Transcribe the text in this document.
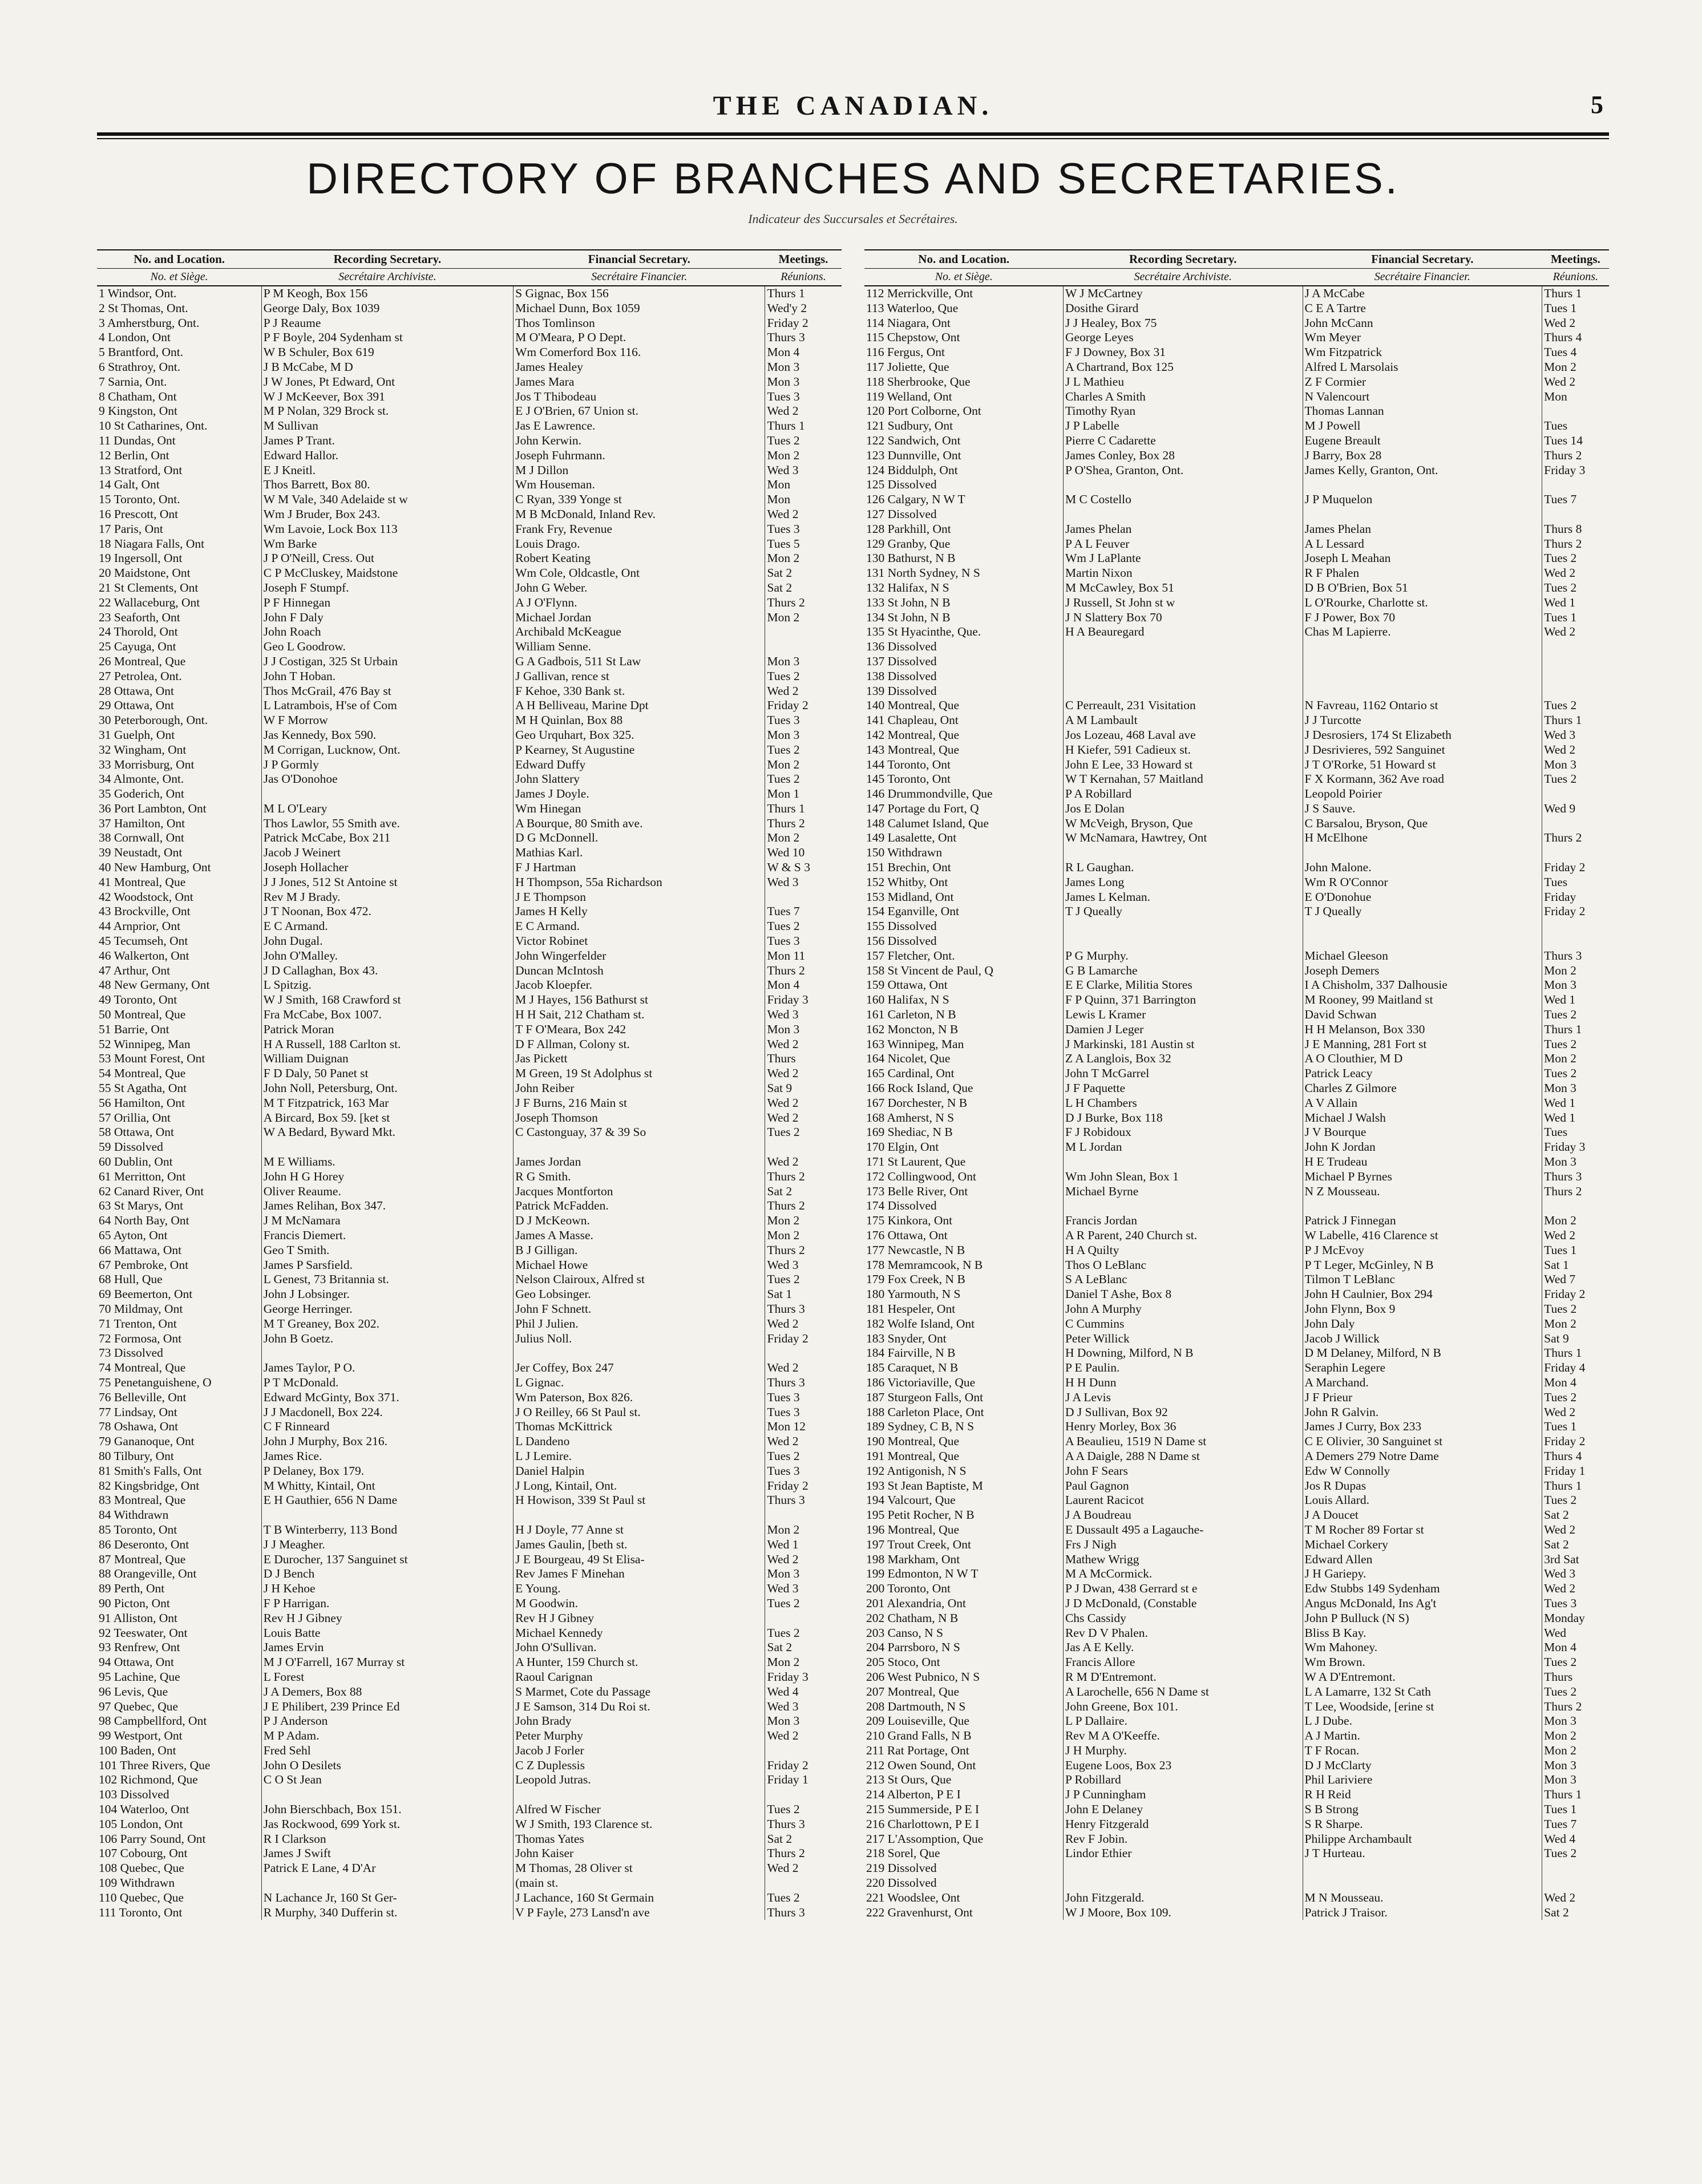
THE CANADIAN.	5
DIRECTORY OF BRANCHES AND SECRETARIES.
Indicateur des Succursales et Secrétaires.
No. and Location.	Recording Secretary.	Financial Secretary.	Meetings.
No. et Siège.	Secrétaire Archiviste.	Secrétaire Financier.	Réunions.
1 Windsor, Ont.	P M Keogh, Box 156	S Gignac, Box 156	Thurs 1
2 St Thomas, Ont.	George Daly, Box 1039	Michael Dunn, Box 1059	Wed'y 2
3 Amherstburg, Ont.	P J Reaume	Thos Tomlinson	Friday 2
4 London, Ont	P F Boyle, 204 Sydenham st	M O'Meara, P O Dept.	Thurs 3
5 Brantford, Ont.	W B Schuler, Box 619	Wm Comerford Box 116.	Mon 4
6 Strathroy, Ont.	J B McCabe, M D	James Healey	Mon 3
7 Sarnia, Ont.	J W Jones, Pt Edward, Ont	James Mara	Mon 3
8 Chatham, Ont	W J McKeever, Box 391	Jos T Thibodeau	Tues 3
9 Kingston, Ont	M P Nolan, 329 Brock st.	E J O'Brien, 67 Union st.	Wed 2
10 St Catharines, Ont.	M Sullivan	Jas E Lawrence.	Thurs 1
11 Dundas, Ont	James P Trant.	John Kerwin.	Tues 2
12 Berlin, Ont	Edward Hallor.	Joseph Fuhrmann.	Mon 2
13 Stratford, Ont	E J Kneitl.	M J Dillon	Wed 3
14 Galt, Ont	Thos Barrett, Box 80.	Wm Houseman.	Mon
15 Toronto, Ont.	W M Vale, 340 Adelaide st w	C Ryan, 339 Yonge st	Mon
16 Prescott, Ont	Wm J Bruder, Box 243.	M B McDonald, Inland Rev.	Wed 2
17 Paris, Ont	Wm Lavoie, Lock Box 113	Frank Fry, Revenue	Tues 3
18 Niagara Falls, Ont	Wm Barke	Louis Drago.	Tues 5
19 Ingersoll, Ont	J P O'Neill, Cress. Out	Robert Keating	Mon 2
20 Maidstone, Ont	C P McCluskey, Maidstone	Wm Cole, Oldcastle, Ont	Sat 2
21 St Clements, Ont	Joseph F Stumpf.	John G Weber.	Sat 2
22 Wallaceburg, Ont	P F Hinnegan	A J O'Flynn.	Thurs 2
23 Seaforth, Ont	John F Daly	Michael Jordan	Mon 2
24 Thorold, Ont	John Roach	Archibald McKeague	
25 Cayuga, Ont	Geo L Goodrow.	William Senne.	
26 Montreal, Que	J J Costigan, 325 St Urbain	G A Gadbois, 511 St Law	Mon 3
27 Petrolea, Ont.	John T Hoban.	J Gallivan, rence st	Tues 2
28 Ottawa, Ont	Thos McGrail, 476 Bay st	F Kehoe, 330 Bank st.	Wed 2
29 Ottawa, Ont	L Latrambois, H'se of Com	A H Belliveau, Marine Dpt	Friday 2
30 Peterborough, Ont.	W F Morrow	M H Quinlan, Box 88	Tues 3
31 Guelph, Ont	Jas Kennedy, Box 590.	Geo Urquhart, Box 325.	Mon 3
32 Wingham, Ont	M Corrigan, Lucknow, Ont.	P Kearney, St Augustine	Tues 2
33 Morrisburg, Ont	J P Gormly	Edward Duffy	Mon 2
34 Almonte, Ont.	Jas O'Donohoe	John Slattery	Tues 2
35 Goderich, Ont		James J Doyle.	Mon 1
36 Port Lambton, Ont	M L O'Leary	Wm Hinegan	Thurs 1
37 Hamilton, Ont	Thos Lawlor, 55 Smith ave.	A Bourque, 80 Smith ave.	Thurs 2
38 Cornwall, Ont	Patrick McCabe, Box 211	D G McDonnell.	Mon 2
39 Neustadt, Ont	Jacob J Weinert	Mathias Karl.	Wed 10
40 New Hamburg, Ont	Joseph Hollacher	F J Hartman	W & S 3
41 Montreal, Que	J J Jones, 512 St Antoine st	H Thompson, 55a Richardson	Wed 3
42 Woodstock, Ont	Rev M J Brady.	J E Thompson	
43 Brockville, Ont	J T Noonan, Box 472.	James H Kelly	Tues 7
44 Arnprior, Ont	E C Armand.	E C Armand.	Tues 2
45 Tecumseh, Ont	John Dugal.	Victor Robinet	Tues 3
46 Walkerton, Ont	John O'Malley.	John Wingerfelder	Mon 11
47 Arthur, Ont	J D Callaghan, Box 43.	Duncan McIntosh	Thurs 2
48 New Germany, Ont	L Spitzig.	Jacob Kloepfer.	Mon 4
49 Toronto, Ont	W J Smith, 168 Crawford st	M J Hayes, 156 Bathurst st	Friday 3
50 Montreal, Que	Fra McCabe, Box 1007.	H H Sait, 212 Chatham st.	Wed 3
51 Barrie, Ont	Patrick Moran	T F O'Meara, Box 242	Mon 3
52 Winnipeg, Man	H A Russell, 188 Carlton st.	D F Allman, Colony st.	Wed 2
53 Mount Forest, Ont	William Duignan	Jas Pickett	Thurs
54 Montreal, Que	F D Daly, 50 Panet st	M Green, 19 St Adolphus st	Wed 2
55 St Agatha, Ont	John Noll, Petersburg, Ont.	John Reiber	Sat 9
56 Hamilton, Ont	M T Fitzpatrick, 163 Mar	J F Burns, 216 Main st	Wed 2
57 Orillia, Ont	A Bircard, Box 59. [ket st	Joseph Thomson	Wed 2
58 Ottawa, Ont	W A Bedard, Byward Mkt.	C Castonguay, 37 & 39 So	Tues 2
59 Dissolved			
60 Dublin, Ont	M E Williams.	James Jordan	Wed 2
61 Merritton, Ont	John H G Horey	R G Smith.	Thurs 2
62 Canard River, Ont	Oliver Reaume.	Jacques Montforton	Sat 2
63 St Marys, Ont	James Relihan, Box 347.	Patrick McFadden.	Thurs 2
64 North Bay, Ont	J M McNamara	D J McKeown.	Mon 2
65 Ayton, Ont	Francis Diemert.	James A Masse.	Mon 2
66 Mattawa, Ont	Geo T Smith.	B J Gilligan.	Thurs 2
67 Pembroke, Ont	James P Sarsfield.	Michael Howe	Wed 3
68 Hull, Que	L Genest, 73 Britannia st.	Nelson Clairoux, Alfred st	Tues 2
69 Beemerton, Ont	John J Lobsinger.	Geo Lobsinger.	Sat 1
70 Mildmay, Ont	George Herringer.	John F Schnett.	Thurs 3
71 Trenton, Ont	M T Greaney, Box 202.	Phil J Julien.	Wed 2
72 Formosa, Ont	John B Goetz.	Julius Noll.	Friday 2
73 Dissolved			
74 Montreal, Que	James Taylor, P O.	Jer Coffey, Box 247	Wed 2
75 Penetanguishene, O	P T McDonald.	L Gignac.	Thurs 3
76 Belleville, Ont	Edward McGinty, Box 371.	Wm Paterson, Box 826.	Tues 3
77 Lindsay, Ont	J J Macdonell, Box 224.	J O Reilley, 66 St Paul st.	Tues 3
78 Oshawa, Ont	C F Rinneard	Thomas McKittrick	Mon 12
79 Gananoque, Ont	John J Murphy, Box 216.	L Dandeno	Wed 2
80 Tilbury, Ont	James Rice.	L J Lemire.	Tues 2
81 Smith's Falls, Ont	P Delaney, Box 179.	Daniel Halpin	Tues 3
82 Kingsbridge, Ont	M Whitty, Kintail, Ont	J Long, Kintail, Ont.	Friday 2
83 Montreal, Que	E H Gauthier, 656 N Dame	H Howison, 339 St Paul st	Thurs 3
84 Withdrawn			
85 Toronto, Ont	T B Winterberry, 113 Bond	H J Doyle, 77 Anne st	Mon 2
86 Deseronto, Ont	J J Meagher.	James Gaulin, [beth st.	Wed 1
87 Montreal, Que	E Durocher, 137 Sanguinet st	J E Bourgeau, 49 St Elisa-	Wed 2
88 Orangeville, Ont	D J Bench	Rev James F Minehan	Mon 3
89 Perth, Ont	J H Kehoe	E Young.	Wed 3
90 Picton, Ont	F P Harrigan.	M Goodwin.	Tues 2
91 Alliston, Ont	Rev H J Gibney	Rev H J Gibney	
92 Teeswater, Ont	Louis Batte	Michael Kennedy	Tues 2
93 Renfrew, Ont	James Ervin	John O'Sullivan.	Sat 2
94 Ottawa, Ont	M J O'Farrell, 167 Murray st	A Hunter, 159 Church st.	Mon 2
95 Lachine, Que	L Forest	Raoul Carignan	Friday 3
96 Levis, Que	J A Demers, Box 88	S Marmet, Cote du Passage	Wed 4
97 Quebec, Que	J E Philibert, 239 Prince Ed	J E Samson, 314 Du Roi st.	Wed 3
98 Campbellford, Ont	P J Anderson	John Brady	Mon 3
99 Westport, Ont	M P Adam.	Peter Murphy	Wed 2
100 Baden, Ont	Fred Sehl	Jacob J Forler	
101 Three Rivers, Que	John O Desilets	C Z Duplessis	Friday 2
102 Richmond, Que	C O St Jean	Leopold Jutras.	Friday 1
103 Dissolved			
104 Waterloo, Ont	John Bierschbach, Box 151.	Alfred W Fischer	Tues 2
105 London, Ont	Jas Rockwood, 699 York st.	W J Smith, 193 Clarence st.	Thurs 3
106 Parry Sound, Ont	R I Clarkson	Thomas Yates	Sat 2
107 Cobourg, Ont	James J Swift	John Kaiser	Thurs 2
108 Quebec, Que	Patrick E Lane, 4 D'Ar	M Thomas, 28 Oliver st	Wed 2
109 Withdrawn		(main st.	
110 Quebec, Que	N Lachance Jr, 160 St Ger-	J Lachance, 160 St Germain	Tues 2
111 Toronto, Ont	R Murphy, 340 Dufferin st.	V P Fayle, 273 Lansd'n ave	Thurs 3
No. and Location.	Recording Secretary.	Financial Secretary.	Meetings.
No. et Siège.	Secrétaire Archiviste.	Secrétaire Financier.	Réunions.
112 Merrickville, Ont	W J McCartney	J A McCabe	Thurs 1
113 Waterloo, Que	Dosithe Girard	C E A Tartre	Tues 1
114 Niagara, Ont	J J Healey, Box 75	John McCann	Wed 2
115 Chepstow, Ont	George Leyes	Wm Meyer	Thurs 4
116 Fergus, Ont	F J Downey, Box 31	Wm Fitzpatrick	Tues 4
117 Joliette, Que	A Chartrand, Box 125	Alfred L Marsolais	Mon 2
118 Sherbrooke, Que	J L Mathieu	Z F Cormier	Wed 2
119 Welland, Ont	Charles A Smith	N Valencourt	Mon
120 Port Colborne, Ont	Timothy Ryan	Thomas Lannan	
121 Sudbury, Ont	J P Labelle	M J Powell	Tues
122 Sandwich, Ont	Pierre C Cadarette	Eugene Breault	Tues 14
123 Dunnville, Ont	James Conley, Box 28	J Barry, Box 28	Thurs 2
124 Biddulph, Ont	P O'Shea, Granton, Ont.	James Kelly, Granton, Ont.	Friday 3
125 Dissolved			
126 Calgary, N W T	M C Costello	J P Muquelon	Tues 7
127 Dissolved			
128 Parkhill, Ont	James Phelan	James Phelan	Thurs 8
129 Granby, Que	P A L Feuver	A L Lessard	Thurs 2
130 Bathurst, N B	Wm J LaPlante	Joseph L Meahan	Tues 2
131 North Sydney, N S	Martin Nixon	R F Phalen	Wed 2
132 Halifax, N S	M McCawley, Box 51	D B O'Brien, Box 51	Tues 2
133 St John, N B	J Russell, St John st w	L O'Rourke, Charlotte st.	Wed 1
134 St John, N B	J N Slattery Box 70	F J Power, Box 70	Tues 1
135 St Hyacinthe, Que.	H A Beauregard	Chas M Lapierre.	Wed 2
136 Dissolved			
137 Dissolved			
138 Dissolved			
139 Dissolved			
140 Montreal, Que	C Perreault, 231 Visitation	N Favreau, 1162 Ontario st	Tues 2
141 Chapleau, Ont	A M Lambault	J J Turcotte	Thurs 1
142 Montreal, Que	Jos Lozeau, 468 Laval ave	J Desrosiers, 174 St Elizabeth	Wed 3
143 Montreal, Que	H Kiefer, 591 Cadieux st.	J Desrivieres, 592 Sanguinet	Wed 2
144 Toronto, Ont	John E Lee, 33 Howard st	J T O'Rorke, 51 Howard st	Mon 3
145 Toronto, Ont	W T Kernahan, 57 Maitland	F X Kormann, 362 Ave road	Tues 2
146 Drummondville, Que	P A Robillard	Leopold Poirier	
147 Portage du Fort, Q	Jos E Dolan	J S Sauve.	Wed 9
148 Calumet Island, Que	W McVeigh, Bryson, Que	C Barsalou, Bryson, Que	
149 Lasalette, Ont	W McNamara, Hawtrey, Ont	H McElhone	Thurs 2
150 Withdrawn			
151 Brechin, Ont	R L Gaughan.	John Malone.	Friday 2
152 Whitby, Ont	James Long	Wm R O'Connor	Tues
153 Midland, Ont	James L Kelman.	E O'Donohue	Friday
154 Eganville, Ont	T J Queally	T J Queally	Friday 2
155 Dissolved			
156 Dissolved			
157 Fletcher, Ont.	P G Murphy.	Michael Gleeson	Thurs 3
158 St Vincent de Paul, Q	G B Lamarche	Joseph Demers	Mon 2
159 Ottawa, Ont	E E Clarke, Militia Stores	I A Chisholm, 337 Dalhousie	Mon 3
160 Halifax, N S	F P Quinn, 371 Barrington	M Rooney, 99 Maitland st	Wed 1
161 Carleton, N B	Lewis L Kramer	David Schwan	Tues 2
162 Moncton, N B	Damien J Leger	H H Melanson, Box 330	Thurs 1
163 Winnipeg, Man	J Markinski, 181 Austin st	J E Manning, 281 Fort st	Tues 2
164 Nicolet, Que	Z A Langlois, Box 32	A O Clouthier, M D	Mon 2
165 Cardinal, Ont	John T McGarrel	Patrick Leacy	Tues 2
166 Rock Island, Que	J F Paquette	Charles Z Gilmore	Mon 3
167 Dorchester, N B	L H Chambers	A V Allain	Wed 1
168 Amherst, N S	D J Burke, Box 118	Michael J Walsh	Wed 1
169 Shediac, N B	F J Robidoux	J V Bourque	Tues
170 Elgin, Ont	M L Jordan	John K Jordan	Friday 3
171 St Laurent, Que		H E Trudeau	Mon 3
172 Collingwood, Ont	Wm John Slean, Box 1	Michael P Byrnes	Thurs 3
173 Belle River, Ont	Michael Byrne	N Z Mousseau.	Thurs 2
174 Dissolved			
175 Kinkora, Ont	Francis Jordan	Patrick J Finnegan	Mon 2
176 Ottawa, Ont	A R Parent, 240 Church st.	W Labelle, 416 Clarence st	Wed 2
177 Newcastle, N B	H A Quilty	P J McEvoy	Tues 1
178 Memramcook, N B	Thos O LeBlanc	P T Leger, McGinley, N B	Sat 1
179 Fox Creek, N B	S A LeBlanc	Tilmon T LeBlanc	Wed 7
180 Yarmouth, N S	Daniel T Ashe, Box 8	John H Caulnier, Box 294	Friday 2
181 Hespeler, Ont	John A Murphy	John Flynn, Box 9	Tues 2
182 Wolfe Island, Ont	C Cummins	John Daly	Mon 2
183 Snyder, Ont	Peter Willick	Jacob J Willick	Sat 9
184 Fairville, N B	H Downing, Milford, N B	D M Delaney, Milford, N B	Thurs 1
185 Caraquet, N B	P E Paulin.	Seraphin Legere	Friday 4
186 Victoriaville, Que	H H Dunn	A Marchand.	Mon 4
187 Sturgeon Falls, Ont	J A Levis	J F Prieur	Tues 2
188 Carleton Place, Ont	D J Sullivan, Box 92	John R Galvin.	Wed 2
189 Sydney, C B, N S	Henry Morley, Box 36	James J Curry, Box 233	Tues 1
190 Montreal, Que	A Beaulieu, 1519 N Dame st	C E Olivier, 30 Sanguinet st	Friday 2
191 Montreal, Que	A A Daigle, 288 N Dame st	A Demers 279 Notre Dame	Thurs 4
192 Antigonish, N S	John F Sears	Edw W Connolly	Friday 1
193 St Jean Baptiste, M	Paul Gagnon	Jos R Dupas	Thurs 1
194 Valcourt, Que	Laurent Racicot	Louis Allard.	Tues 2
195 Petit Rocher, N B	J A Boudreau	J A Doucet	Sat 2
196 Montreal, Que	E Dussault 495 a Lagauche-	T M Rocher 89 Fortar st	Wed 2
197 Trout Creek, Ont	Frs J Nigh	Michael Corkery	Sat 2
198 Markham, Ont	Mathew Wrigg	Edward Allen	3rd Sat
199 Edmonton, N W T	M A McCormick.	J H Gariepy.	Wed 3
200 Toronto, Ont	P J Dwan, 438 Gerrard st e	Edw Stubbs 149 Sydenham	Wed 2
201 Alexandria, Ont	J D McDonald, (Constable	Angus McDonald, Ins Ag't	Tues 3
202 Chatham, N B	Chs Cassidy	John P Bulluck (N S)	Monday
203 Canso, N S	Rev D V Phalen.	Bliss B Kay.	Wed
204 Parrsboro, N S	Jas A E Kelly.	Wm Mahoney.	Mon 4
205 Stoco, Ont	Francis Allore	Wm Brown.	Tues 2
206 West Pubnico, N S	R M D'Entremont.	W A D'Entremont.	Thurs
207 Montreal, Que	A Larochelle, 656 N Dame st	L A Lamarre, 132 St Cath	Tues 2
208 Dartmouth, N S	John Greene, Box 101.	T Lee, Woodside, [erine st	Thurs 2
209 Louiseville, Que	L P Dallaire.	L J Dube.	Mon 3
210 Grand Falls, N B	Rev M A O'Keeffe.	A J Martin.	Mon 2
211 Rat Portage, Ont	J H Murphy.	T F Rocan.	Mon 2
212 Owen Sound, Ont	Eugene Loos, Box 23	D J McClarty	Mon 3
213 St Ours, Que	P Robillard	Phil Lariviere	Mon 3
214 Alberton, P E I	J P Cunningham	R H Reid	Thurs 1
215 Summerside, P E I	John E Delaney	S B Strong	Tues 1
216 Charlottown, P E I	Henry Fitzgerald	S R Sharpe.	Tues 7
217 L'Assomption, Que	Rev F Jobin.	Philippe Archambault	Wed 4
218 Sorel, Que	Lindor Ethier	J T Hurteau.	Tues 2
219 Dissolved			
220 Dissolved			
221 Woodslee, Ont	John Fitzgerald.	M N Mousseau.	Wed 2
222 Gravenhurst, Ont	W J Moore, Box 109.	Patrick J Traisor.	Sat 2
